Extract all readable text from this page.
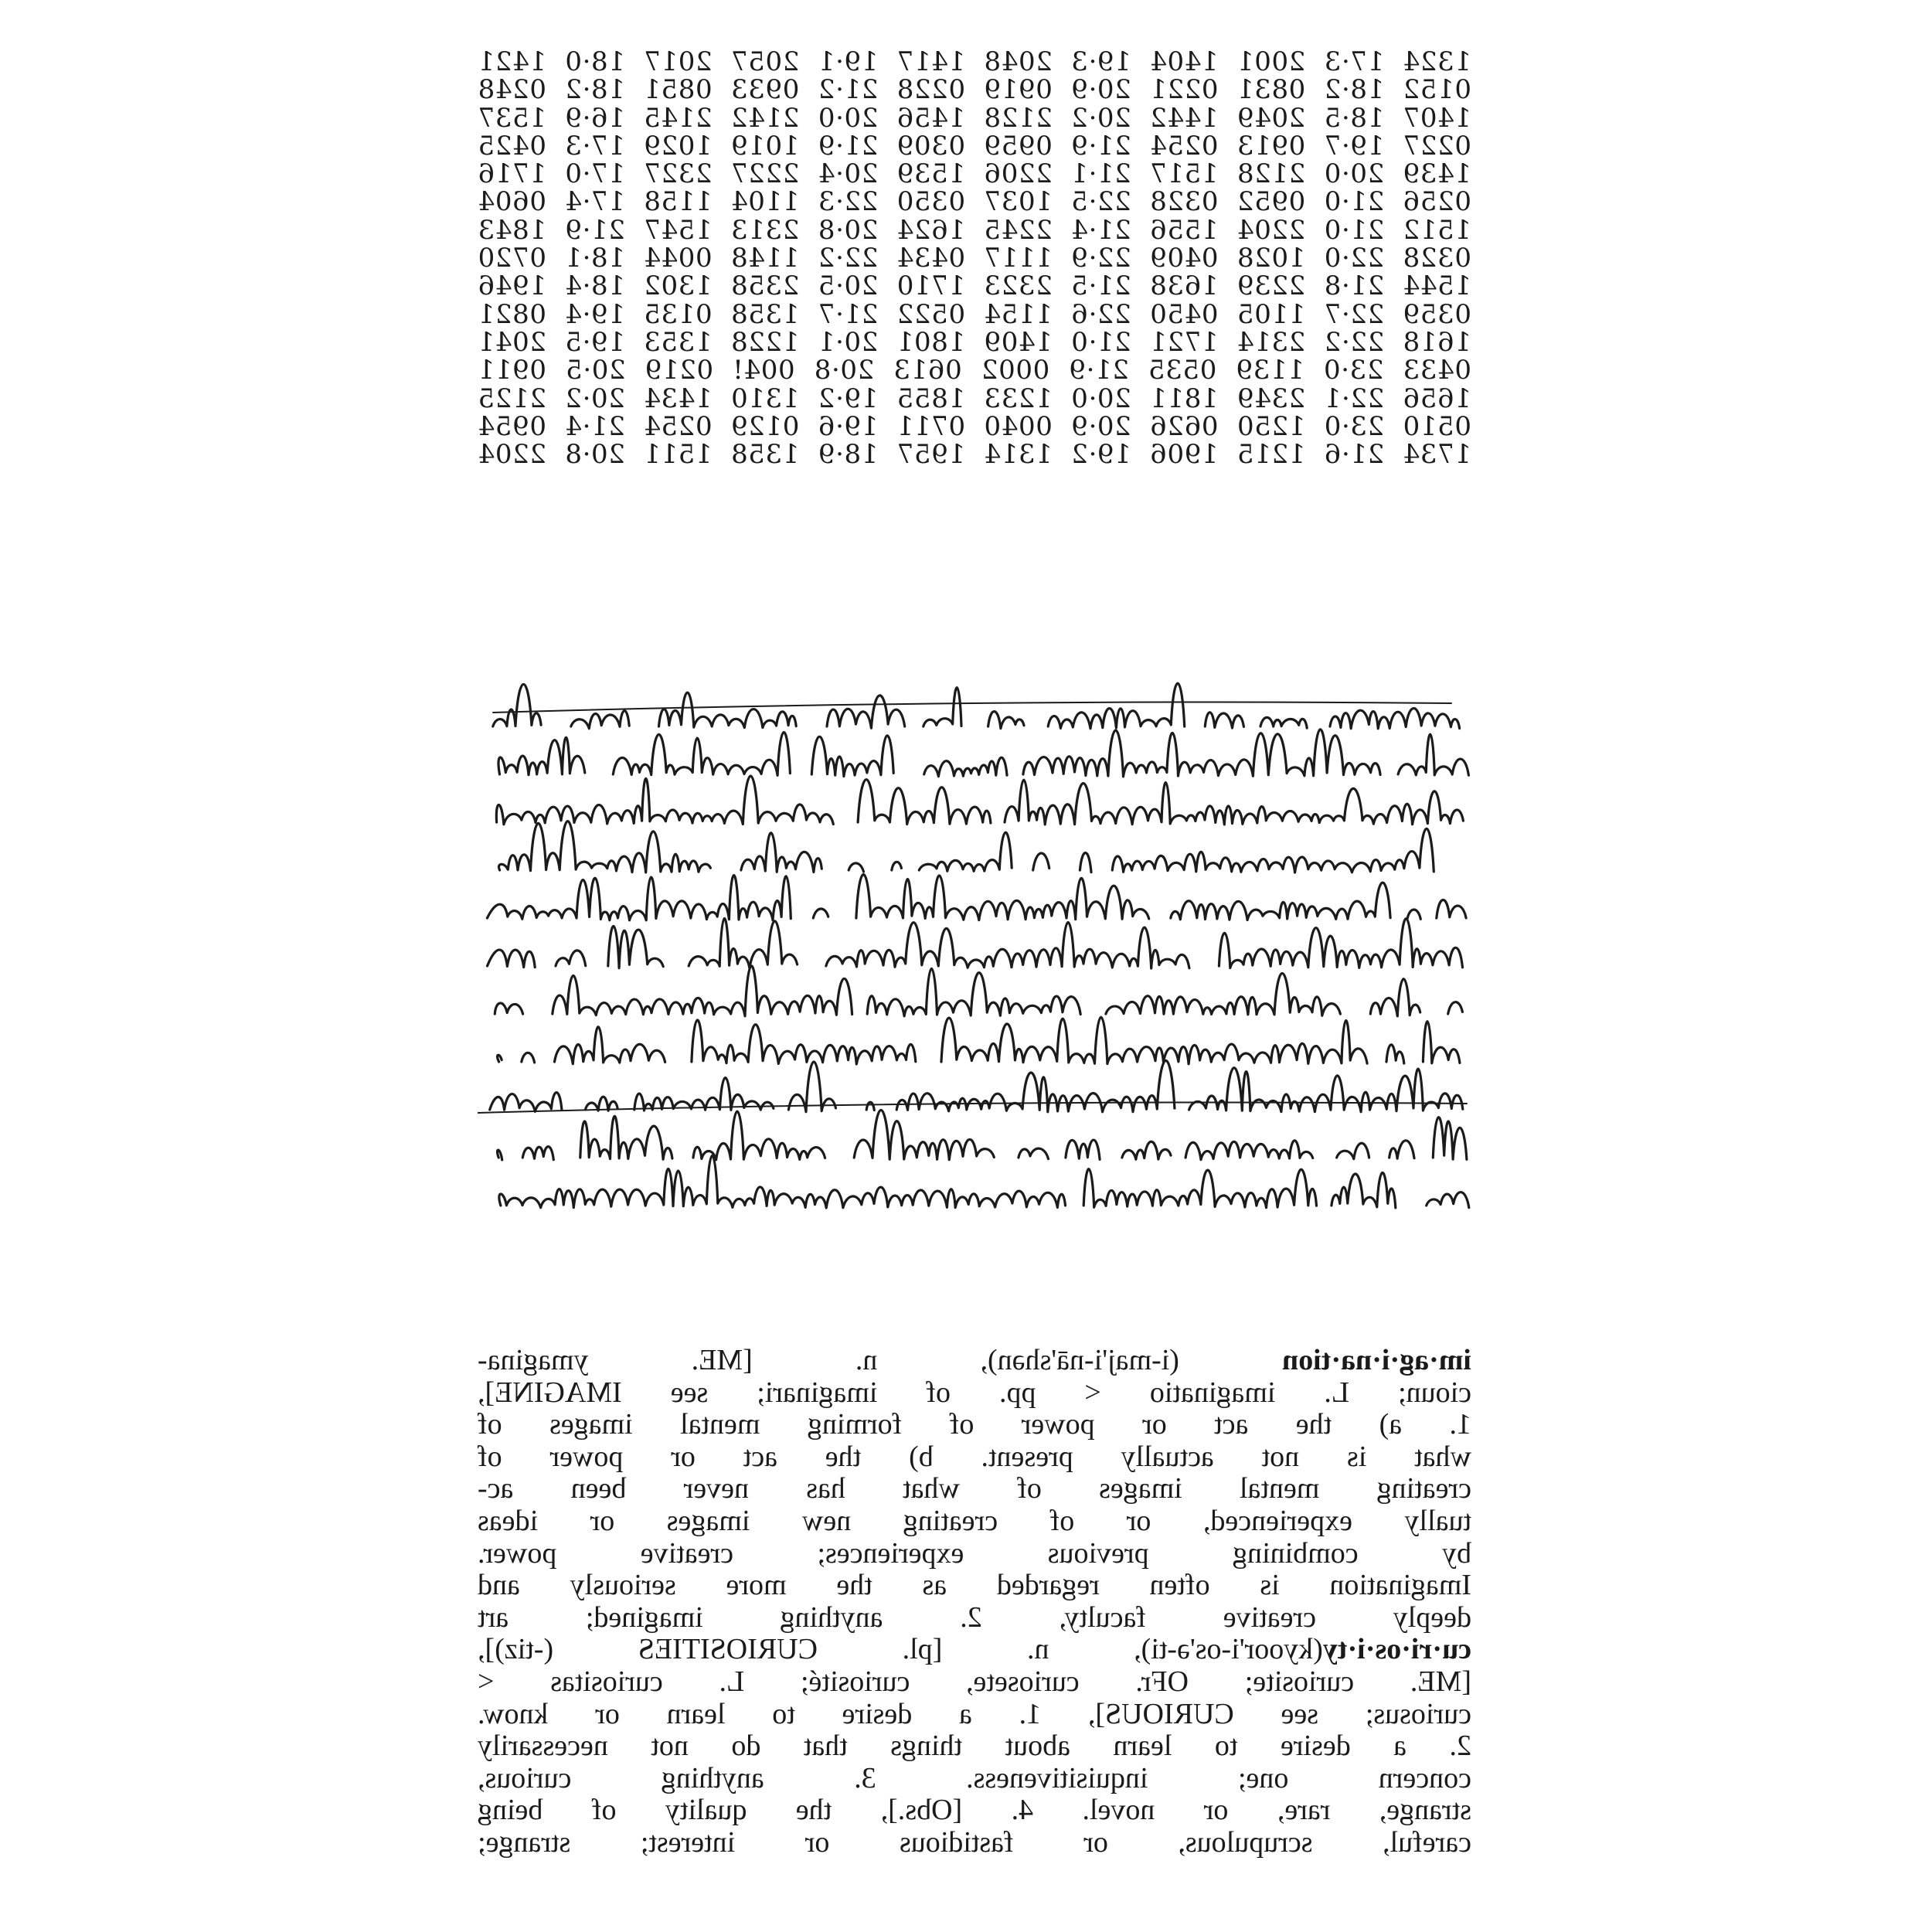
1324 17·3 2001 1404 19·3 2048 1417 19·1 2057 2017 18·0 1421
0152 18·2 0831 0221 20·9 0919 0228 21·2 0933 0851 18·2 0248
1407 18·5 2049 1442 20·2 2128 1456 20·0 2142 2145 16·9 1537
0227 19·7 0913 0254 21·9 0959 0309 21·9 1019 1029 17·3 0425
1439 20·0 2128 1517 21·1 2206 1539 20·4 2227 2327 17·0 1716
0256 21·0 0952 0328 22·5 1037 0350 22·3 1104 1158 17·4 0604
1512 21·0 2204 1556 21·4 2245 1624 20·8 2313 1547 21·9 1843
0328 22·0 1028 0409 22·9 1117 0434 22·2 1148 0044 18·1 0720
1544 21·8 2239 1638 21·5 2323 1710 20·5 2358 1302 18·4 1946
0359 22·7 1105 0450 22·6 1154 0522 21·7 1358 0135 19·4 0821
1618 22·2 2314 1721 21·0 1409 1801 20·1 1228 1353 19·5 2041
0433 23·0 1139 0535 21·9 0002 0613 20·8 004! 0219 20·5 0911
1656 22·1 2349 1811 20·0 1233 1855 19·2 1310 1434 20·2 2125
0510 23·0 1250 0626 20·9 0040 0711 19·6 0129 0254 21·4 0954
1734 21·6 1215 1906 19·2 1314 1957 18·9 1358 1511 20·8 2204
im·ag·i·na·tion (i-maj'i-nā'shən), n. [ME. ymagina-
cioun; L. imaginatio < pp. of imaginari; see IMAGINE],
1. a) the act or power of forming mental images of
what is not actually present. b) the act or power of
creating mental images of what has never been ac-
tually experienced, or of creating new images or ideas
by combining previous experiences; creative power.
Imagination is often regarded as the more seriously and
deeply creative faculty, 2. anything imagined; art
cu·ri·os·i·ty(kyoor'i-os'ə-ti), n. [pl. CURIOSITIES (-tiz)],
[ME. curiosite; OFr. curiosete, curiosité; L. curiositas <
curiosus; see CURIOUS], 1. a desire to learn or know.
2. a desire to learn about things that do not necessarily
concern one; inquisitiveness. 3. anything curious,
strange, rare, or novel. 4. [Obs.], the quality of being
careful, scrupulous, or fastidious or interest; strange;
